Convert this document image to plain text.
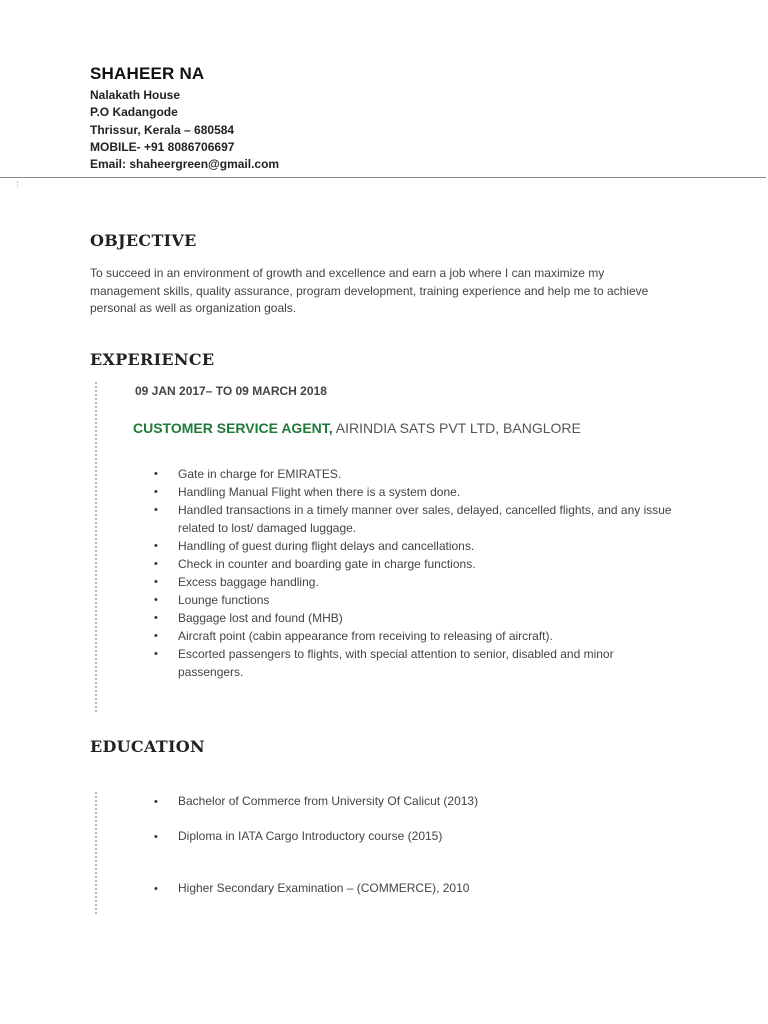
SHAHEER NA
Nalakath House
P.O Kadangode
Thrissur, Kerala – 680584
MOBILE- +91 8086706697
Email: shaheergreen@gmail.com
OBJECTIVE
To succeed in an environment of growth and excellence and earn a job where I can maximize my management skills, quality assurance, program development, training experience and help me to achieve personal as well as organization goals.
EXPERIENCE
09 JAN 2017– TO 09 MARCH 2018
CUSTOMER SERVICE AGENT, AIRINDIA SATS PVT LTD, BANGLORE
•	Gate in charge for EMIRATES.
•	Handling Manual Flight when there is a system done.
•	Handled transactions in a timely manner over sales, delayed, cancelled flights, and any issue related to lost/ damaged luggage.
•	Handling of guest during flight delays and cancellations.
•	Check in counter and boarding gate in charge functions.
•	Excess baggage handling.
•	Lounge functions
•	Baggage lost and found (MHB)
•	Aircraft point (cabin appearance from receiving to releasing of aircraft).
•	Escorted passengers to flights, with special attention to senior, disabled and minor passengers.
EDUCATION
• Bachelor of Commerce from University Of Calicut (2013)
• Diploma in IATA Cargo Introductory course (2015)
• Higher Secondary Examination – (COMMERCE), 2010
